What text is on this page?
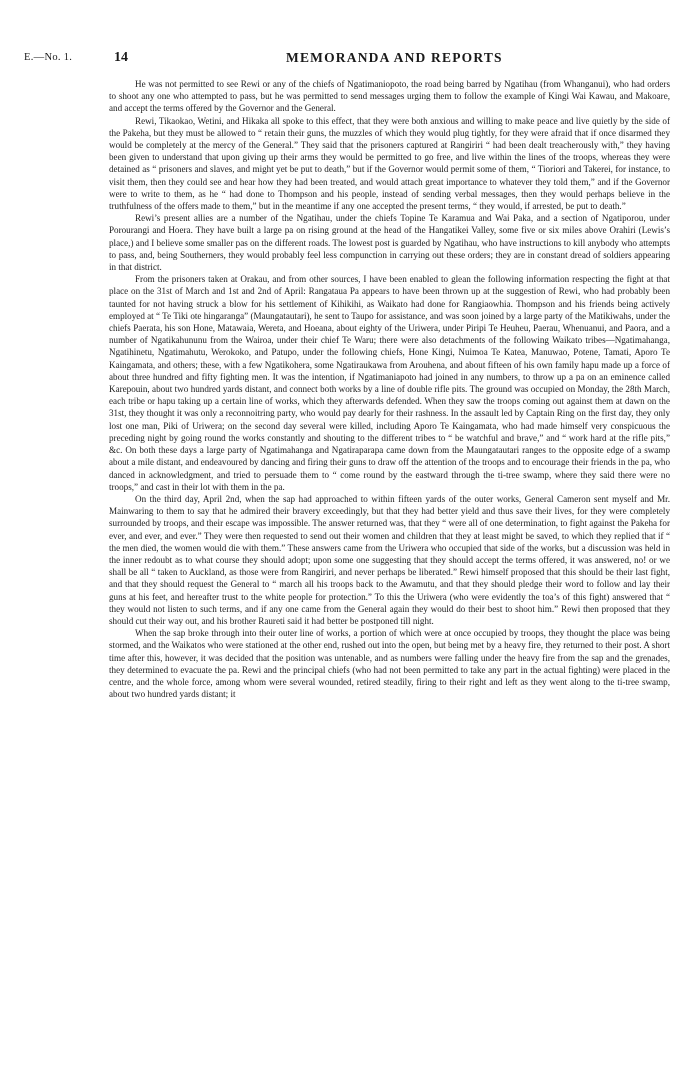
E.—No. 1.	14	MEMORANDA AND REPORTS

He was not permitted to see Rewi or any of the chiefs of Ngatimaniopoto, the road being barred by Ngatihau (from Whanganui), who had orders to shoot any one who attempted to pass, but he was permitted to send messages urging them to follow the example of Kingi Wai Kawau, and Makoare, and accept the terms offered by the Governor and the General.

Rewi, Tikaokao, Wetini, and Hikaka all spoke to this effect, that they were both anxious and willing to make peace and live quietly by the side of the Pakeha, but they must be allowed to “ retain their guns, the muzzles of which they would plug tightly, for they were afraid that if once disarmed they would be completely at the mercy of the General.” They said that the prisoners captured at Rangiriri “ had been dealt treacherously with,” they having been given to understand that upon giving up their arms they would be permitted to go free, and live within the lines of the troops, whereas they were detained as “ prisoners and slaves, and might yet be put to death,” but if the Governor would permit some of them, “ Tioriori and Takerei, for instance, to visit them, then they could see and hear how they had been treated, and would attach great importance to whatever they told them,” and if the Governor were to write to them, as he “ had done to Thompson and his people, instead of sending verbal messages, then they would perhaps believe in the truthfulness of the offers made to them,” but in the meantime if any one accepted the present terms, “ they would, if arrested, be put to death.”

Rewi’s present allies are a number of the Ngatihau, under the chiefs Topine Te Karamua and Wai Paka, and a section of Ngatiporou, under Porourangi and Hoera. They have built a large pa on rising ground at the head of the Hangatikei Valley, some five or six miles above Orahiri (Lewis’s place,) and I believe some smaller pas on the different roads. The lowest post is guarded by Ngatihau, who have instructions to kill anybody who attempts to pass, and, being Southerners, they would probably feel less compunction in carrying out these orders; they are in constant dread of soldiers appearing in that district.

From the prisoners taken at Orakau, and from other sources, I have been enabled to glean the following information respecting the fight at that place on the 31st of March and 1st and 2nd of April: Rangataua Pa appears to have been thrown up at the suggestion of Rewi, who had probably been taunted for not having struck a blow for his settlement of Kihikihi, as Waikato had done for Rangiaowhia. Thompson and his friends being actively employed at “ Te Tiki ote hingaranga” (Maungatautari), he sent to Taupo for assistance, and was soon joined by a large party of the Matikiwahs, under the chiefs Paerata, his son Hone, Matawaia, Wereta, and Hoeana, about eighty of the Uriwera, under Piripi Te Heuheu, Paerau, Whenuanui, and Paora, and a number of Ngatikahununu from the Wairoa, under their chief Te Waru; there were also detachments of the following Waikato tribes—Ngatimahanga, Ngatihinetu, Ngatimahutu, Werokoko, and Patupo, under the following chiefs, Hone Kingi, Nuimoa Te Katea, Manuwao, Potene, Tamati, Aporo Te Kaingamata, and others; these, with a few Ngatikohera, some Ngatiraukawa from Arouhena, and about fifteen of his own family hapu made up a force of about three hundred and fifty fighting men. It was the intention, if Ngatimaniapoto had joined in any numbers, to throw up a pa on an eminence called Karepouin, about two hundred yards distant, and connect both works by a line of double rifle pits. The ground was occupied on Monday, the 28th March, each tribe or hapu taking up a certain line of works, which they afterwards defended. When they saw the troops coming out against them at dawn on the 31st, they thought it was only a reconnoitring party, who would pay dearly for their rashness. In the assault led by Captain Ring on the first day, they only lost one man, Piki of Uriwera; on the second day several were killed, including Aporo Te Kaingamata, who had made himself very conspicuous the preceding night by going round the works constantly and shouting to the different tribes to “ be watchful and brave,” and “ work hard at the rifle pits,” &c. On both these days a large party of Ngatimahanga and Ngatiraparapa came down from the Maungatautari ranges to the opposite edge of a swamp about a mile distant, and endeavoured by dancing and firing their guns to draw off the attention of the troops and to encourage their friends in the pa, who danced in acknowledgment, and tried to persuade them to “ come round by the eastward through the ti-tree swamp, where they said there were no troops,” and cast in their lot with them in the pa.

On the third day, April 2nd, when the sap had approached to within fifteen yards of the outer works, General Cameron sent myself and Mr. Mainwaring to them to say that he admired their bravery exceedingly, but that they had better yield and thus save their lives, for they were completely surrounded by troops, and their escape was impossible. The answer returned was, that they “ were all of one determination, to fight against the Pakeha for ever, and ever, and ever.” They were then requested to send out their women and children that they at least might be saved, to which they replied that if “ the men died, the women would die with them.” These answers came from the Uriwera who occupied that side of the works, but a discussion was held in the inner redoubt as to what course they should adopt; upon some one suggesting that they should accept the terms offered, it was answered, no! or we shall be all “ taken to Auckland, as those were from Rangiriri, and never perhaps be liberated.” Rewi himself proposed that this should be their last fight, and that they should request the General to “ march all his troops back to the Awamutu, and that they should pledge their word to follow and lay their guns at his feet, and hereafter trust to the white people for protection.” To this the Uriwera (who were evidently the toa’s of this fight) answered that “ they would not listen to such terms, and if any one came from the General again they would do their best to shoot him.” Rewi then proposed that they should cut their way out, and his brother Raureti said it had better be postponed till night.

When the sap broke through into their outer line of works, a portion of which were at once occupied by troops, they thought the place was being stormed, and the Waikatos who were stationed at the other end, rushed out into the open, but being met by a heavy fire, they returned to their post. A short time after this, however, it was decided that the position was untenable, and as numbers were falling under the heavy fire from the sap and the grenades, they determined to evacuate the pa. Rewi and the principal chiefs (who had not been permitted to take any part in the actual fighting) were placed in the centre, and the whole force, among whom were several wounded, retired steadily, firing to their right and left as they went along to the ti-tree swamp, about two hundred yards distant; it
